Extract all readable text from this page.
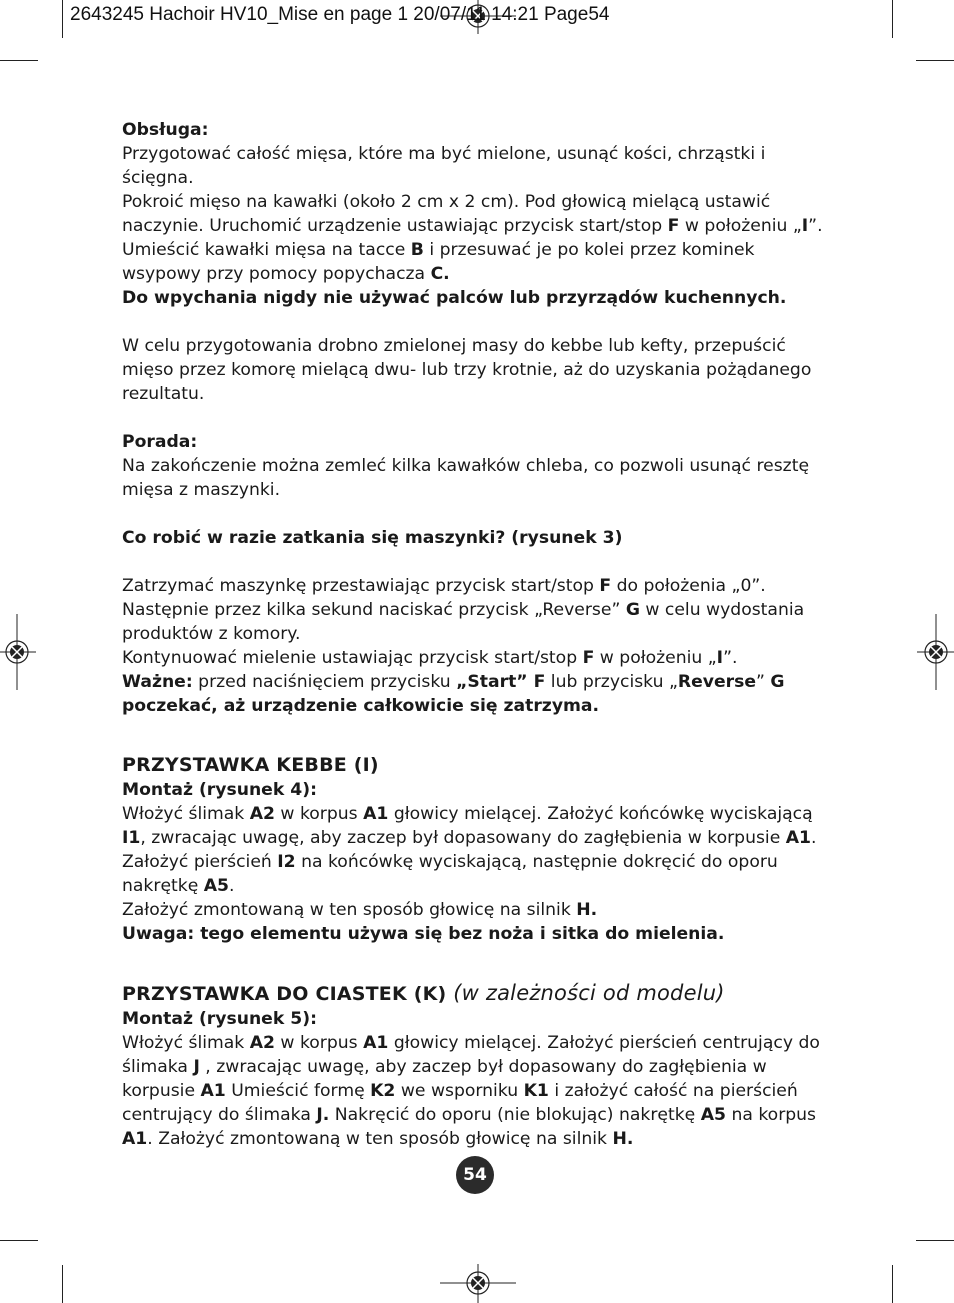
2643245 Hachoir HV10_Mise en page 1 20/07/11 14:21 Page54

Obsługa:

Przygotować całość mięsa, które ma być mielone, usunąć kości, chrząstki i ścięgna.

Pokroić mięso na kawałki (około 2 cm x 2 cm). Pod głowicą mielącą ustawić naczynie. Uruchomić urządzenie ustawiając przycisk start/stop F w położeniu „I”.

Umieścić kawałki mięsa na tacce B i przesuwać je po kolei przez kominek wsypowy przy pomocy popychacza C.

Do wpychania nigdy nie używać palców lub przyrządów kuchennych.

W celu przygotowania drobno zmielonej masy do kebbe lub kefty, przepuścić mięso przez komorę mielącą dwu- lub trzy krotnie, aż do uzyskania pożądanego rezultatu.

Porada:

Na zakończenie można zemleć kilka kawałków chleba, co pozwoli usunąć resztę mięsa z maszynki.

Co robić w razie zatkania się maszynki? (rysunek 3)

Zatrzymać maszynkę przestawiając przycisk start/stop F do położenia „0”.

Następnie przez kilka sekund naciskać przycisk „Reverse” G w celu wydostania produktów z komory.

Kontynuować mielenie ustawiając przycisk start/stop F w położeniu „I”.

Ważne: przed naciśnięciem przycisku „Start” F lub przycisku „Reverse” G poczekać, aż urządzenie całkowicie się zatrzyma.

PRZYSTAWKA KEBBE (I)

Montaż (rysunek 4):

Włożyć ślimak A2 w korpus A1 głowicy mielącej. Założyć końcówkę wyciskającą I1, zwracając uwagę, aby zaczep był dopasowany do zagłębienia w korpusie A1. Założyć pierścień I2 na końcówkę wyciskającą, następnie dokręcić do oporu nakrętkę A5.

Założyć zmontowaną w ten sposób głowicę na silnik H.

Uwaga: tego elementu używa się bez noża i sitka do mielenia.

PRZYSTAWKA DO CIASTEK (K) (w zależności od modelu)

Montaż (rysunek 5):

Włożyć ślimak A2 w korpus A1 głowicy mielącej. Założyć pierścień centrujący do ślimaka J , zwracając uwagę, aby zaczep był dopasowany do zagłębienia w korpusie A1 Umieścić formę K2 we wsporniku K1 i założyć całość na pierścień centrujący do ślimaka J. Nakręcić do oporu (nie blokując) nakrętkę A5 na korpus A1. Założyć zmontowaną w ten sposób głowicę na silnik H.

54
